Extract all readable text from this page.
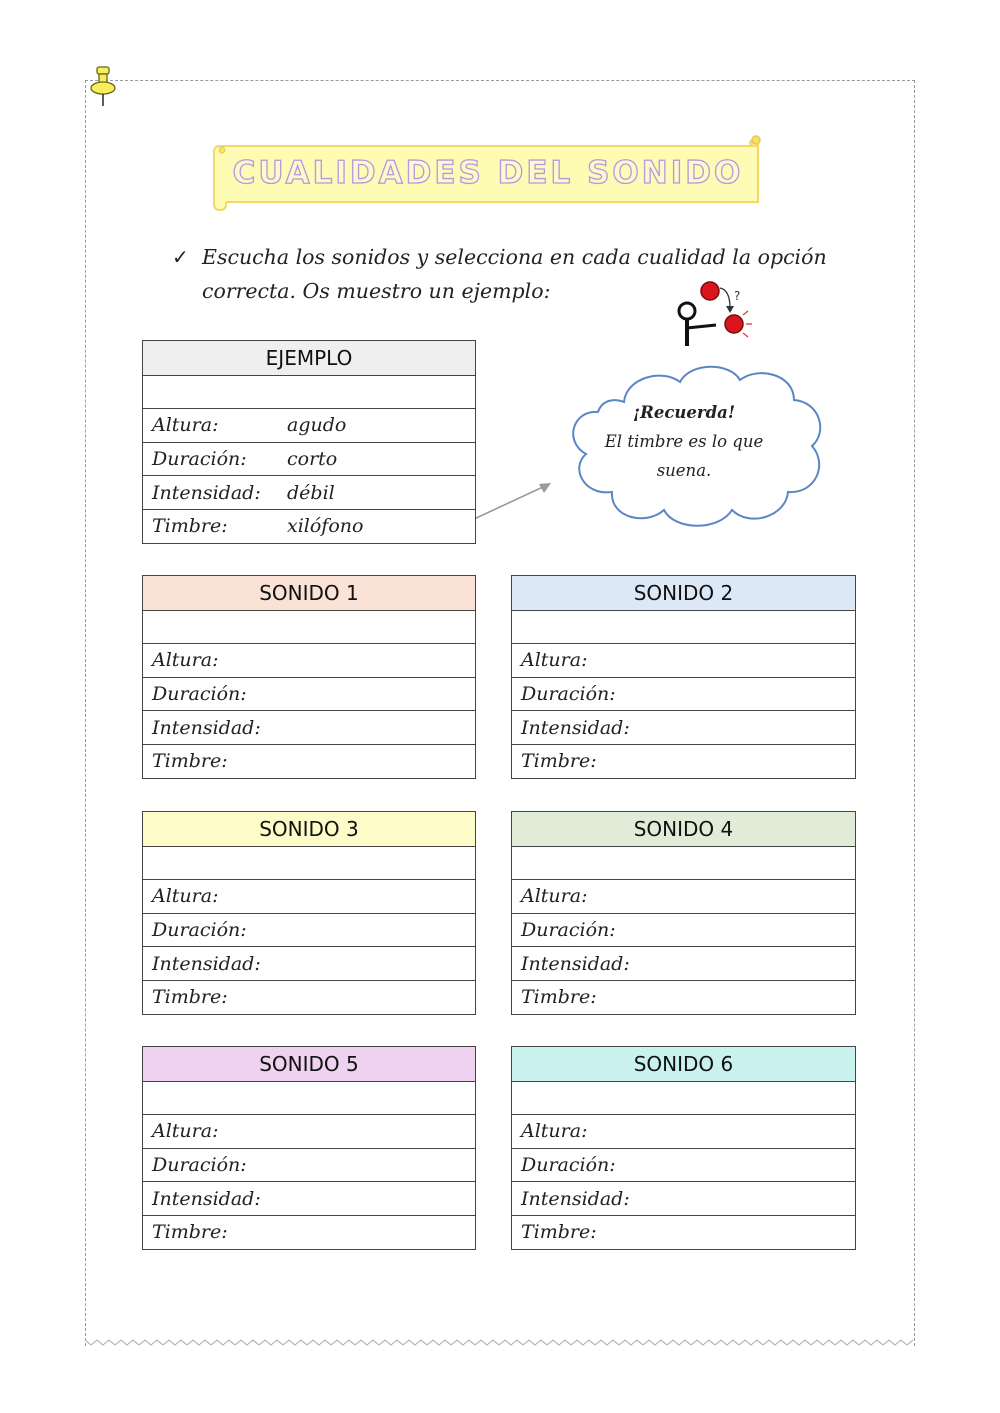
CUALIDADES DEL SONIDO
✓ Escucha los sonidos y selecciona en cada cualidad la opción correcta. Os muestro un ejemplo:	?
¡Recuerda!
El timbre es lo que suena.
EJEMPLO
Altura:	agudo
Duración:	corto
Intensidad:	débil
Timbre:	xilófono
SONIDO 1
Altura:
Duración:
Intensidad:
Timbre:
SONIDO 2
Altura:
Duración:
Intensidad:
Timbre:
SONIDO 3
Altura:
Duración:
Intensidad:
Timbre:
SONIDO 4
Altura:
Duración:
Intensidad:
Timbre:
SONIDO 5
Altura:
Duración:
Intensidad:
Timbre:
SONIDO 6
Altura:
Duración:
Intensidad:
Timbre:
